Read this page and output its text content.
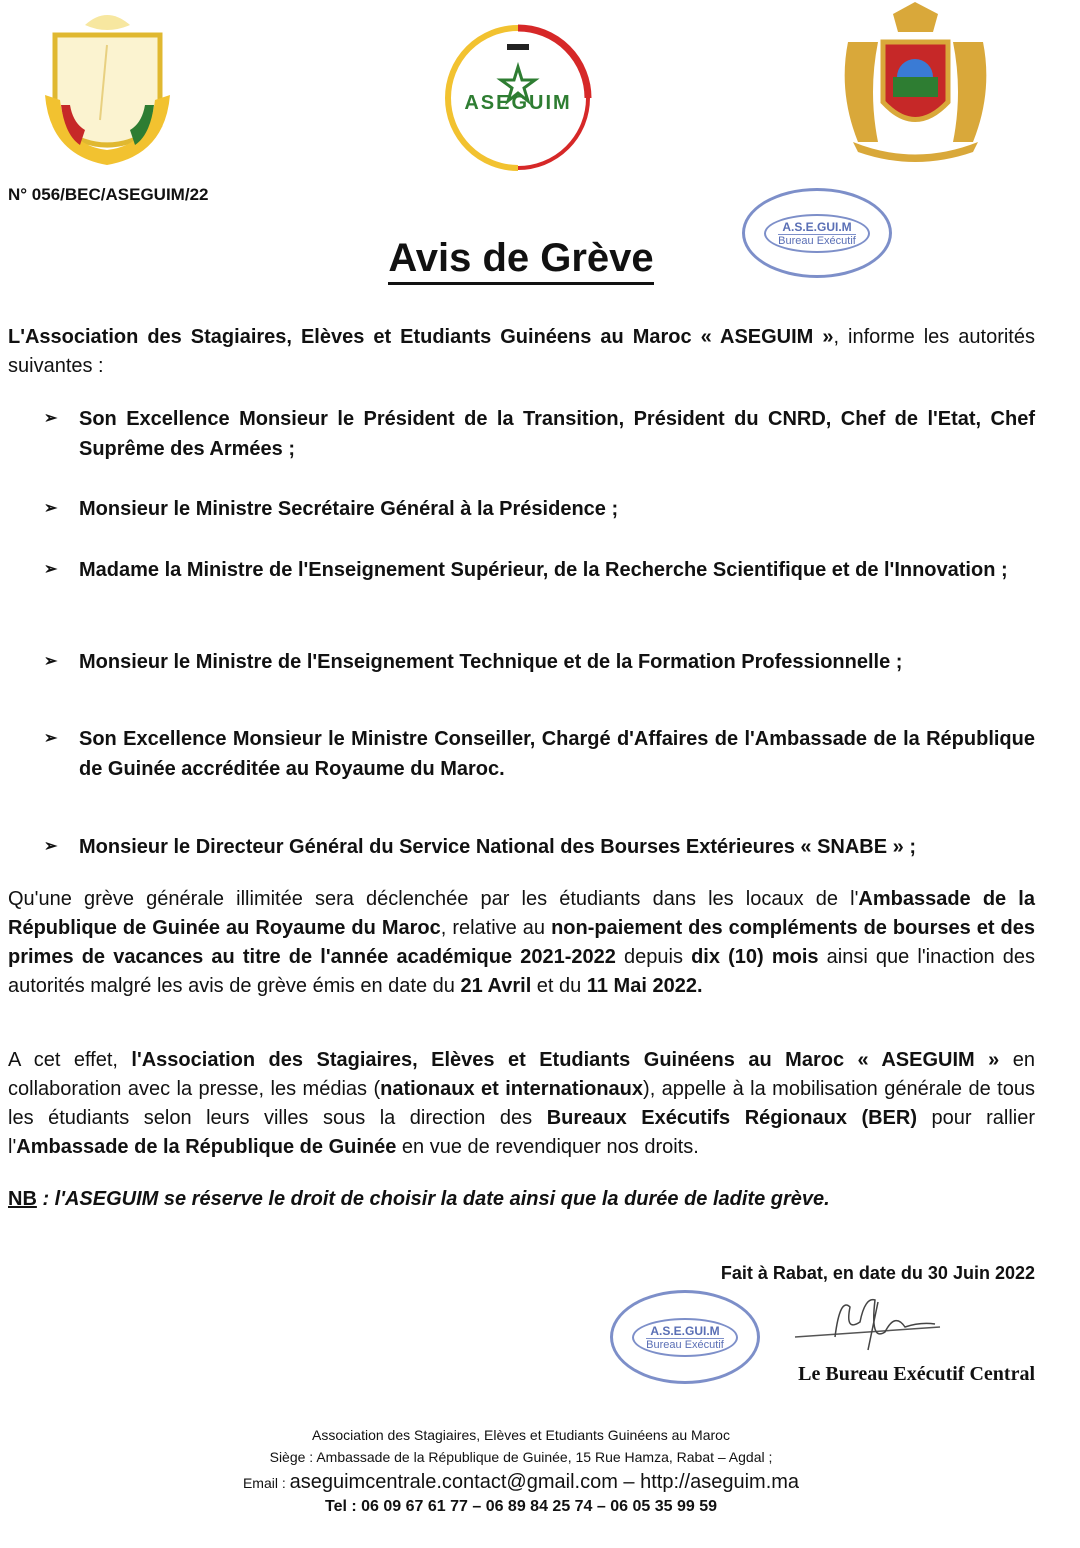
ASEGUIM
N° 056/BEC/ASEGUIM/22
A.S.E.GUI.M
Bureau Exécutif
Avis de Grève
L'Association des Stagiaires, Elèves et Etudiants Guinéens au Maroc « ASEGUIM », informe les autorités suivantes :
➢ Son Excellence Monsieur le Président de la Transition, Président du CNRD, Chef de l'Etat, Chef Suprême des Armées ;
➢ Monsieur le Ministre Secrétaire Général à la Présidence ;
➢ Madame la Ministre de l'Enseignement Supérieur, de la Recherche Scientifique et de l'Innovation ;
➢ Monsieur le Ministre de l'Enseignement Technique et de la Formation Professionnelle ;
➢ Son Excellence Monsieur le Ministre Conseiller, Chargé d'Affaires de l'Ambassade de la République de Guinée accréditée au Royaume du Maroc.
➢ Monsieur le Directeur Général du Service National des Bourses Extérieures « SNABE » ;
Qu'une grève générale illimitée sera déclenchée par les étudiants dans les locaux de l'Ambassade de la République de Guinée au Royaume du Maroc, relative au non-paiement des compléments de bourses et des primes de vacances au titre de l'année académique 2021-2022 depuis dix (10) mois ainsi que l'inaction des autorités malgré les avis de grève émis en date du 21 Avril et du 11 Mai 2022.
A cet effet, l'Association des Stagiaires, Elèves et Etudiants Guinéens au Maroc « ASEGUIM » en collaboration avec la presse, les médias (nationaux et internationaux), appelle à la mobilisation générale de tous les étudiants selon leurs villes sous la direction des Bureaux Exécutifs Régionaux (BER) pour rallier l'Ambassade de la République de Guinée en vue de revendiquer nos droits.
NB : l'ASEGUIM se réserve le droit de choisir la date ainsi que la durée de ladite grève.
Fait à Rabat, en date du 30 Juin 2022
A.S.E.GUI.M
Bureau Exécutif
Le Bureau Exécutif Central
Association des Stagiaires, Elèves et Etudiants Guinéens au Maroc
Siège : Ambassade de la République de Guinée, 15 Rue Hamza, Rabat – Agdal ;
Email : aseguimcentrale.contact@gmail.com – http://aseguim.ma
Tel : 06 09 67 61 77 – 06 89 84 25 74 – 06 05 35 99 59
